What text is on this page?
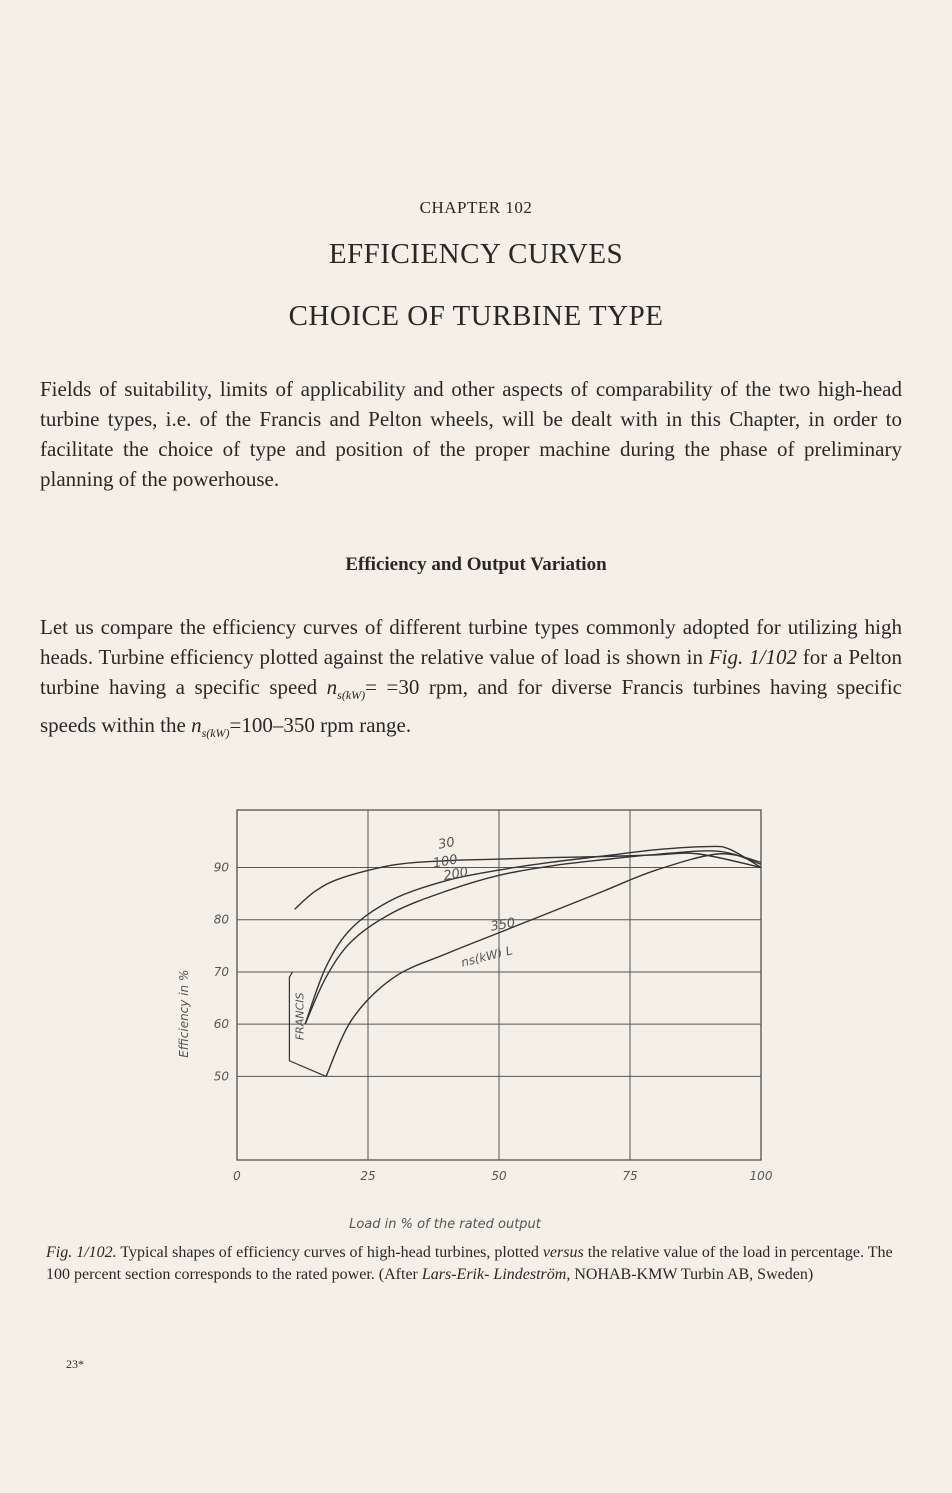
CHAPTER 102
EFFICIENCY CURVES
CHOICE OF TURBINE TYPE

Fields of suitability, limits of applicability and other aspects of comparability of the two high-head turbine types, i.e. of the Francis and Pelton wheels, will be dealt with in this Chapter, in order to facilitate the choice of type and position of the proper machine during the phase of preliminary planning of the powerhouse.

Efficiency and Output Variation

Let us compare the efficiency curves of different turbine types commonly adopted for utilizing high heads. Turbine efficiency plotted against the relative value of load is shown in Fig. 1/102 for a Pelton turbine having a specific speed $n_{s(kW)}= =30$ rpm, and for diverse Francis turbines having specific speeds within the $n_{s(kW)}=100-350$ rpm range.

0	25	50	75	100
50
60
70
80
90
FRANCIS
30
100
200
350
ns(kW) L
Load in % of the rated output
Efficiency in %

Fig. 1/102. Typical shapes of efficiency curves of high-head turbines, plotted versus the relative value of the load in percentage. The 100 percent section corresponds to the rated power. (After Lars-Erik- Lindeström, NOHAB-KMW Turbin AB, Sweden)

23*
